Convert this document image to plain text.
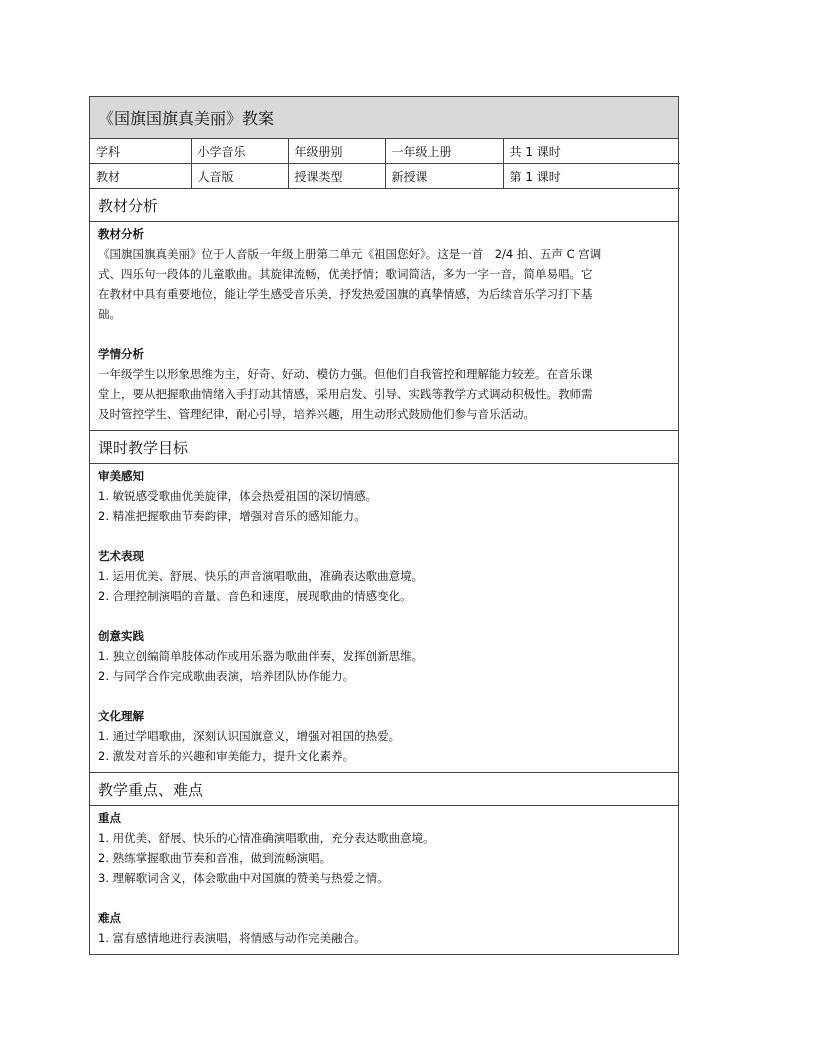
《国旗国旗真美丽》教案
学科	小学音乐	年级册别	一年级上册	共 1 课时
教材	人音版	授课类型	新授课	第 1 课时
教材分析

教材分析

《国旗国旗真美丽》位于人音版一年级上册第二单元《祖国您好》。这是一首　2/4 拍、五声 C 宫调

式、四乐句一段体的儿童歌曲。其旋律流畅，优美抒情；歌词简洁，多为一字一音，简单易唱。它

在教材中具有重要地位，能让学生感受音乐美，抒发热爱国旗的真挚情感，为后续音乐学习打下基

础。

学情分析

一年级学生以形象思维为主，好奇、好动、模仿力强。但他们自我管控和理解能力较差。在音乐课

堂上，要从把握歌曲情绪入手打动其情感，采用启发、引导、实践等教学方式调动积极性。教师需

及时管控学生、管理纪律，耐心引导，培养兴趣，用生动形式鼓励他们参与音乐活动。

课时教学目标

审美感知

1. 敏锐感受歌曲优美旋律，体会热爱祖国的深切情感。

2. 精准把握歌曲节奏韵律，增强对音乐的感知能力。

艺术表现

1. 运用优美、舒展、快乐的声音演唱歌曲，准确表达歌曲意境。

2. 合理控制演唱的音量、音色和速度，展现歌曲的情感变化。

创意实践

1. 独立创编简单肢体动作或用乐器为歌曲伴奏，发挥创新思维。

2. 与同学合作完成歌曲表演，培养团队协作能力。

文化理解

1. 通过学唱歌曲，深刻认识国旗意义，增强对祖国的热爱。

2. 激发对音乐的兴趣和审美能力，提升文化素养。

教学重点、难点

重点

1. 用优美、舒展、快乐的心情准确演唱歌曲，充分表达歌曲意境。

2. 熟练掌握歌曲节奏和音准，做到流畅演唱。

3. 理解歌词含义，体会歌曲中对国旗的赞美与热爱之情。

难点

1. 富有感情地进行表演唱，将情感与动作完美融合。
